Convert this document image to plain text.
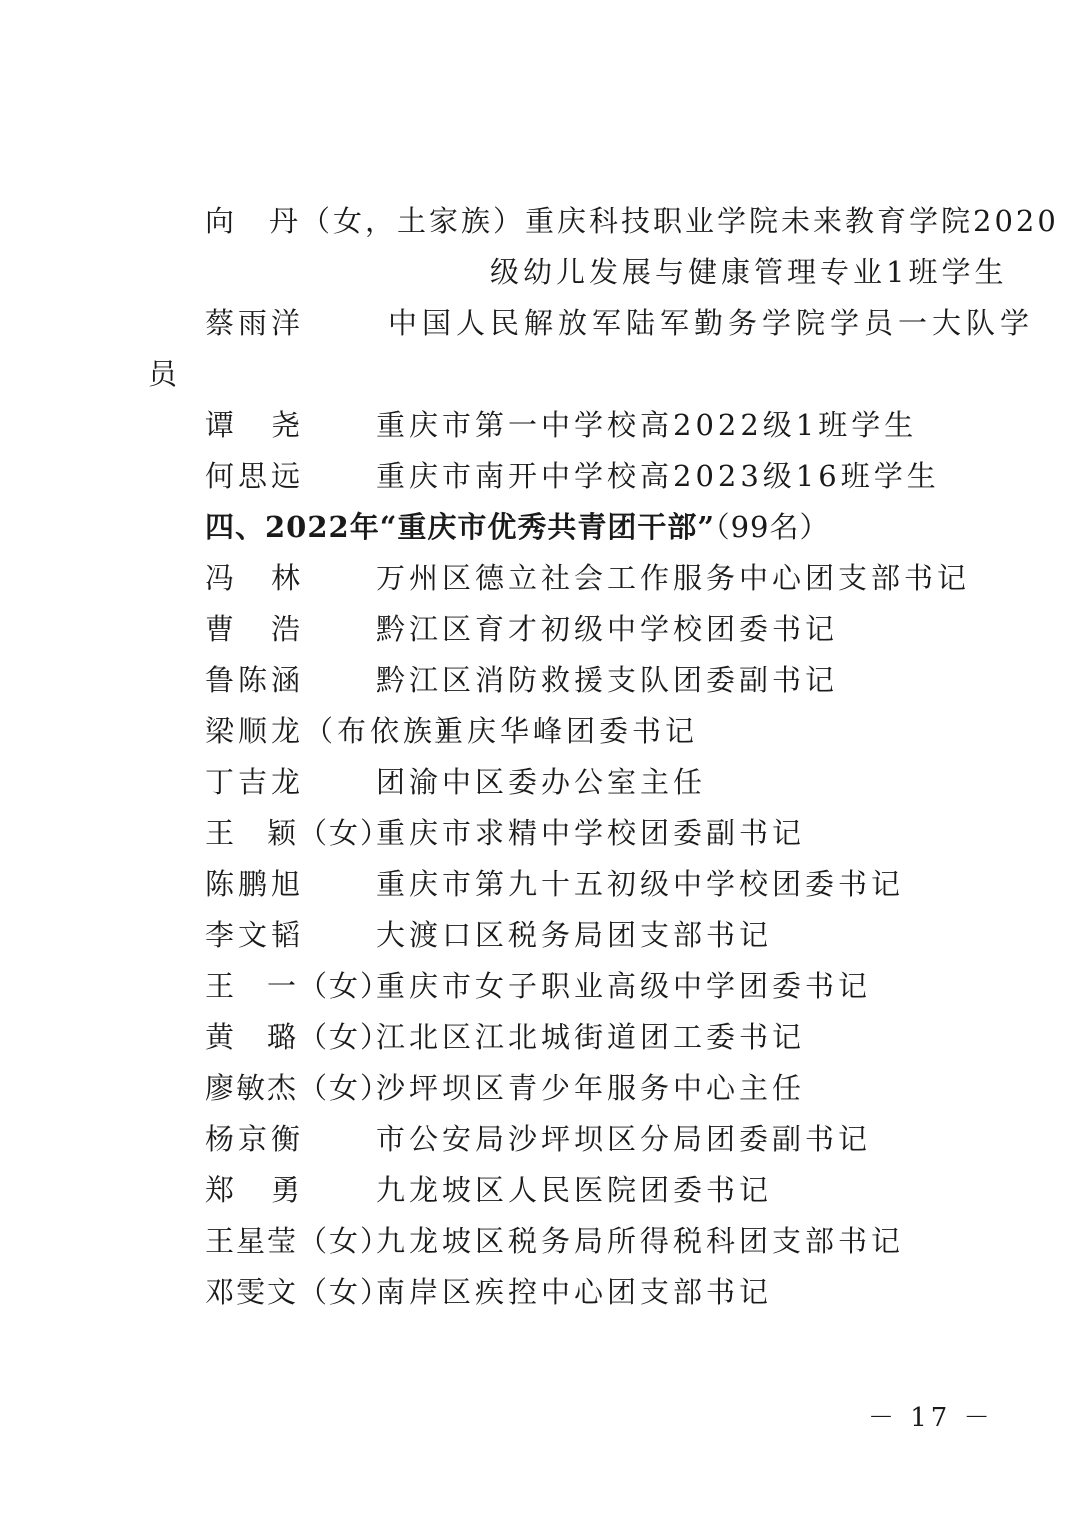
向　丹（女，土家族）重庆科技职业学院未来教育学院2020
级幼儿发展与健康管理专业1班学生
蔡雨洋	中国人民解放军陆军勤务学院学员一大队学
员
谭　尧 重庆市第一中学校高2022级1班学生
何思远 重庆市南开中学校高2023级16班学生
四、2022年“重庆市优秀共青团干部”（99名）
冯　林 万州区德立社会工作服务中心团支部书记
曹　浩 黔江区育才初级中学校团委书记
鲁陈涵 黔江区消防救援支队团委副书记
梁顺龙（布依族）
重庆华峰团委书记
丁吉龙 团渝中区委办公室主任
王　颖（女）
重庆市求精中学校团委副书记
陈鹏旭 重庆市第九十五初级中学校团委书记
李文韬 大渡口区税务局团支部书记
王　一（女）
重庆市女子职业高级中学团委书记
黄　璐（女）
江北区江北城街道团工委书记
廖敏杰（女）
沙坪坝区青少年服务中心主任
杨京衡 市公安局沙坪坝区分局团委副书记
郑　勇 九龙坡区人民医院团委书记
王星莹（女）
九龙坡区税务局所得税科团支部书记
邓雯文（女）
南岸区疾控中心团支部书记
－ 17 －
